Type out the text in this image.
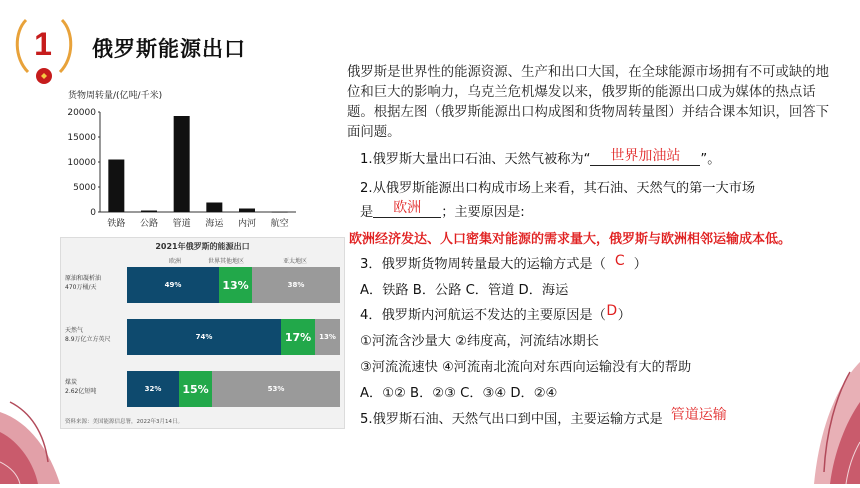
1	俄罗斯能源出口
货物周转量/(亿吨/千米)
20000
15000
10000
5000
0
铁路 公路 管道 海运 内河 航空
2021年俄罗斯的能源出口
欧洲	世界其他地区	亚太地区
原油和凝析油
470万桶/天	49%	13%	38%
天然气
8.9万亿立方英尺	74%	17%	13%
煤炭
2.62亿短吨	32%	15%	53%
资料来源：美国能源信息署，2022年3月14日。
俄罗斯是世界性的能源资源、生产和出口大国，在全球能源市场拥有不可或缺的地位和巨大的影响力，乌克兰危机爆发以来，俄罗斯的能源出口成为媒体的热点话题。根据左图（俄罗斯能源出口构成图和货物周转量图）并结合课本知识，回答下面问题。
1.俄罗斯大量出口石油、天然气被称为“ 世界加油站 ”。
2.从俄罗斯能源出口构成市场上来看，其石油、天然气的第一大市场
是 欧洲 ；主要原因是:
欧洲经济发达、人口密集对能源的需求量大，俄罗斯与欧洲相邻运输成本低。
3．俄罗斯货物周转量最大的运输方式是（ C ）
A．铁路 B．公路 C．管道 D．海运
4．俄罗斯内河航运不发达的主要原因是（D）
①河流含沙量大 ②纬度高，河流结冰期长
③河流流速快 ④河流南北流向对东西向运输没有大的帮助
A．①② B．②③ C．③④ D．②④
5.俄罗斯石油、天然气出口到中国，主要运输方式是 管道运输
